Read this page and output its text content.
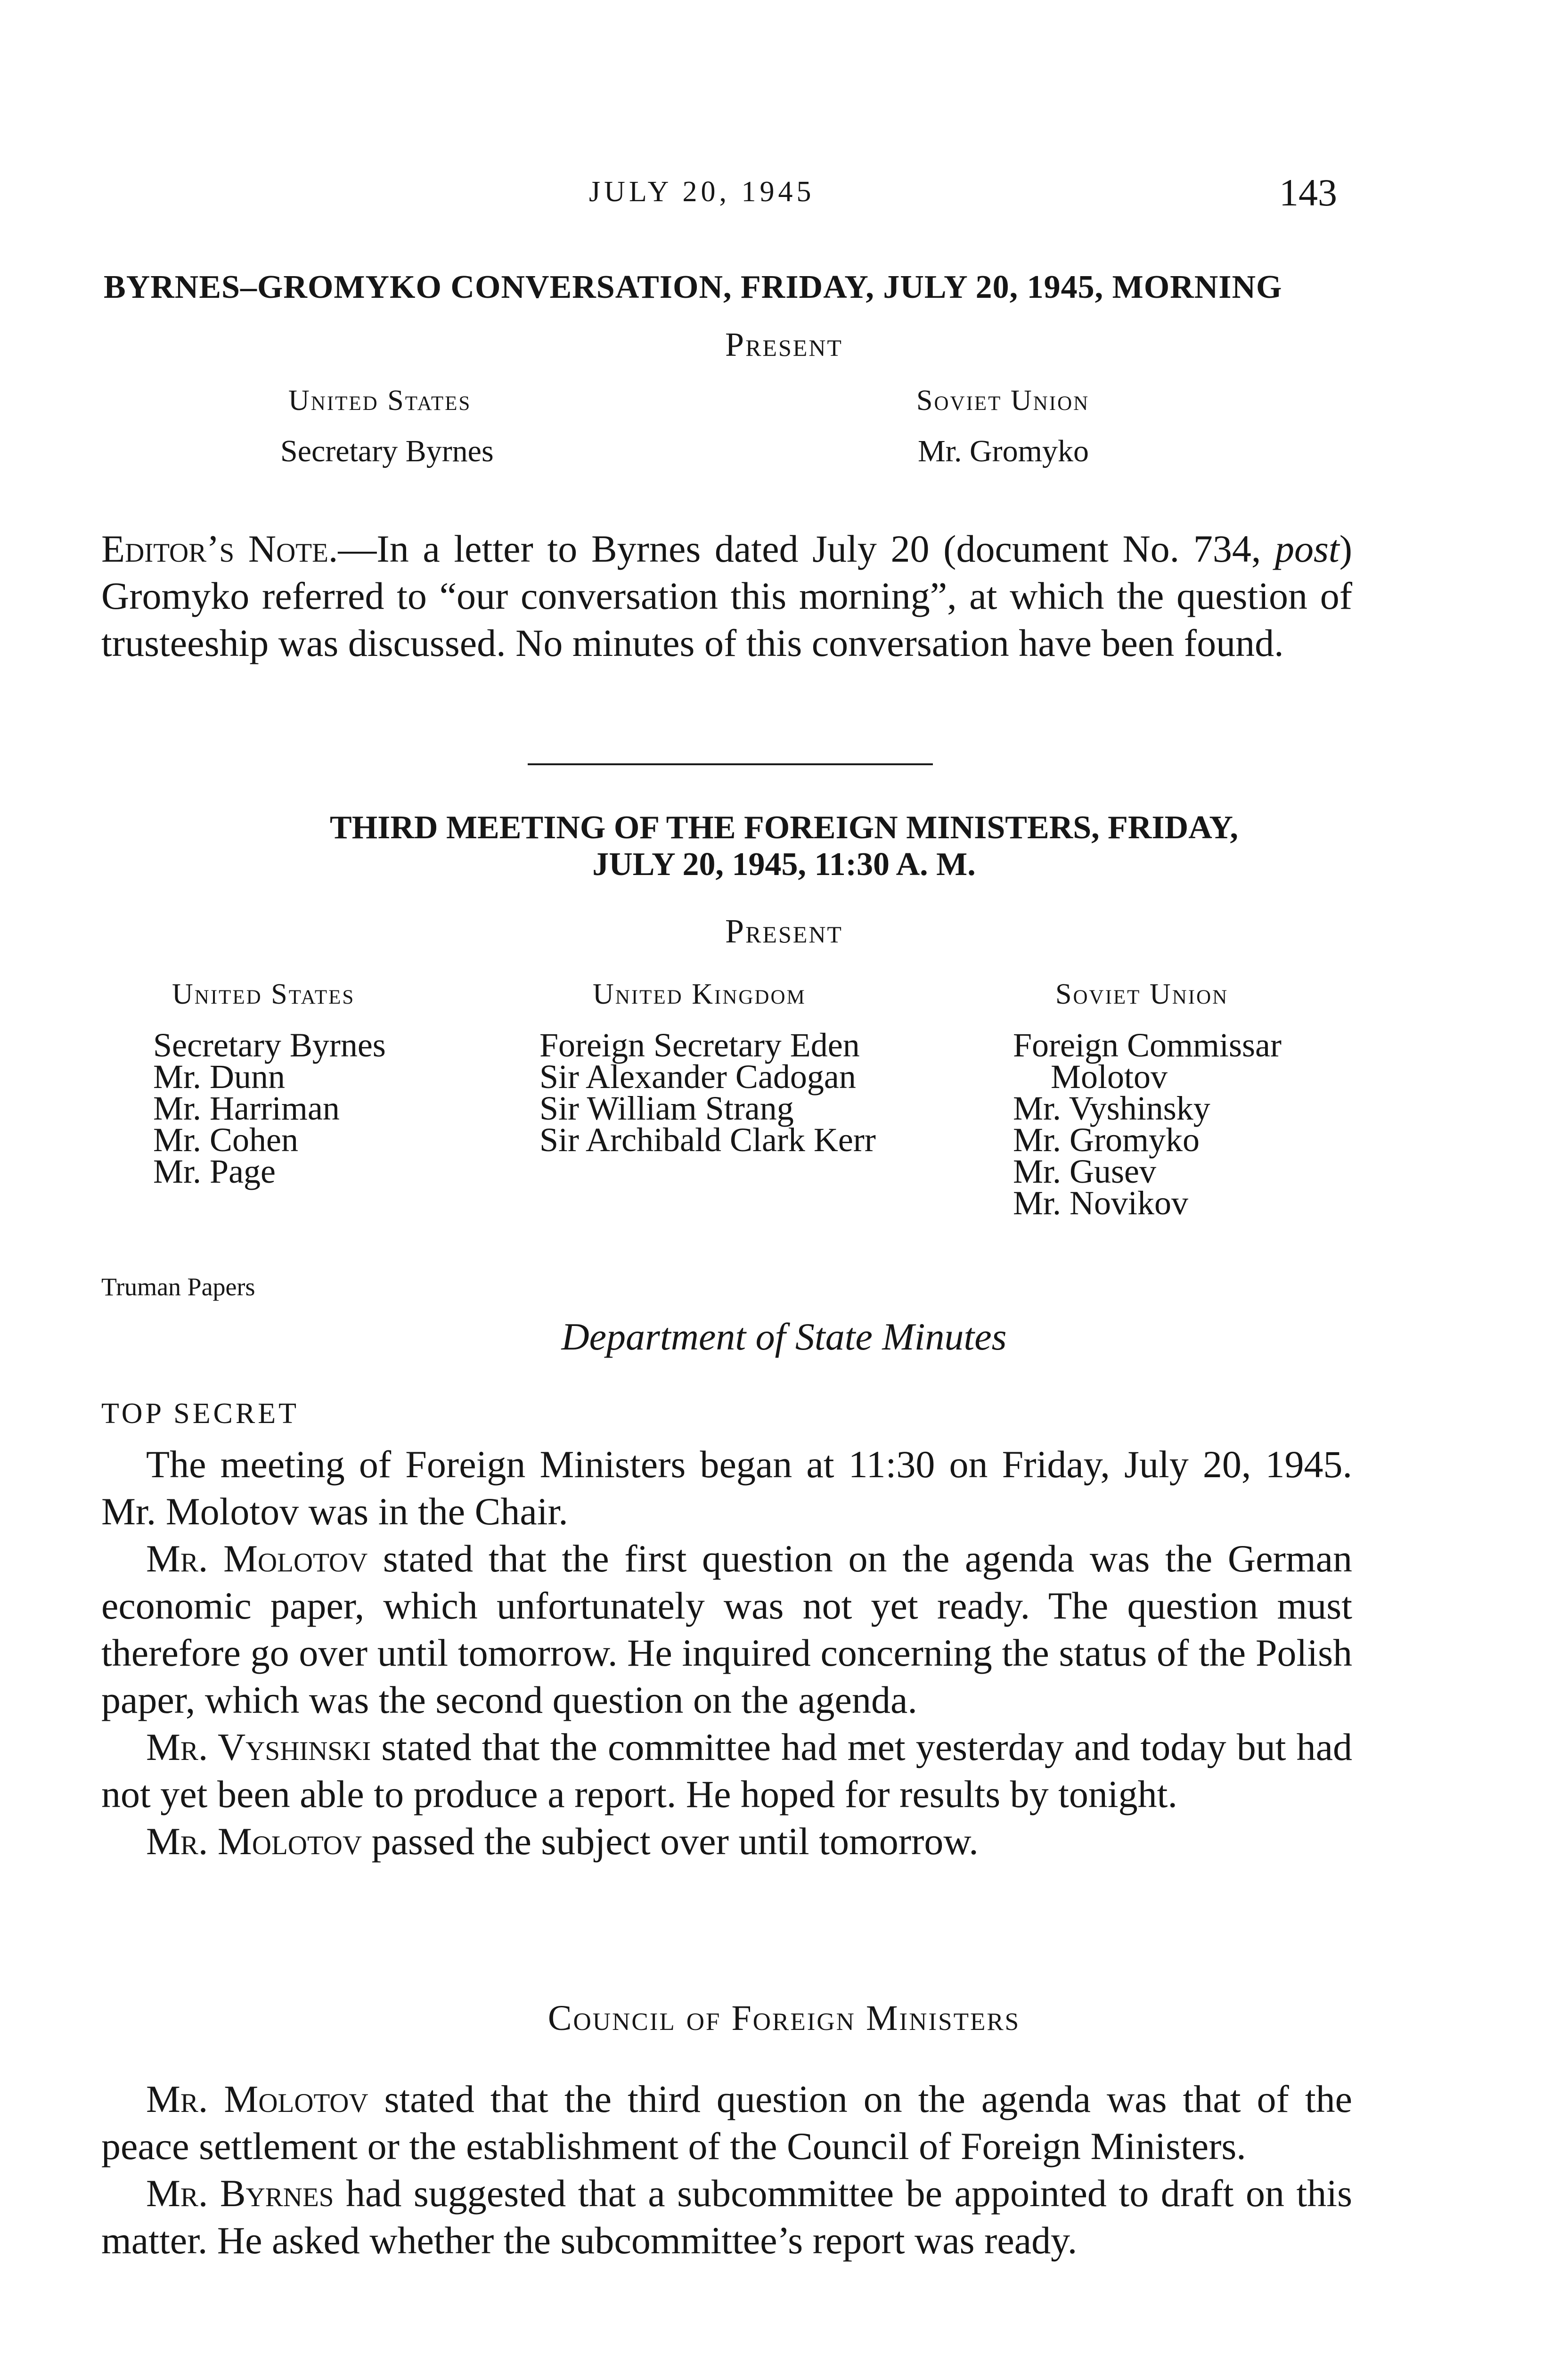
JULY 20, 1945	143
BYRNES–GROMYKO CONVERSATION, FRIDAY, JULY 20, 1945, MORNING
Present
United States
Secretary Byrnes
Soviet Union
Mr. Gromyko

Editor’s Note.—In a letter to Byrnes dated July 20 (document No. 734, post) Gromyko referred to “our conversation this morning”, at which the question of trusteeship was discussed. No minutes of this conversation have been found.

THIRD MEETING OF THE FOREIGN MINISTERS, FRIDAY,
JULY 20, 1945, 11:30 A. M.
Present
United States
Secretary Byrnes
Mr. Dunn
Mr. Harriman
Mr. Cohen
Mr. Page
United Kingdom
Foreign Secretary Eden
Sir Alexander Cadogan
Sir William Strang
Sir Archibald Clark Kerr
Soviet Union
Foreign Commissar
Molotov
Mr. Vyshinsky
Mr. Gromyko
Mr. Gusev
Mr. Novikov
Truman Papers
Department of State Minutes
TOP SECRET

The meeting of Foreign Ministers began at 11:30 on Friday, July 20, 1945. Mr. Molotov was in the Chair.

Mr. Molotov stated that the first question on the agenda was the German economic paper, which unfortunately was not yet ready. The question must therefore go over until tomorrow. He inquired concerning the status of the Polish paper, which was the second question on the agenda.

Mr. Vyshinski stated that the committee had met yesterday and today but had not yet been able to produce a report. He hoped for results by tonight.

Mr. Molotov passed the subject over until tomorrow.

Council of Foreign Ministers

Mr. Molotov stated that the third question on the agenda was that of the peace settlement or the establishment of the Council of Foreign Ministers.

Mr. Byrnes had suggested that a subcommittee be appointed to draft on this matter. He asked whether the subcommittee’s report was ready.
